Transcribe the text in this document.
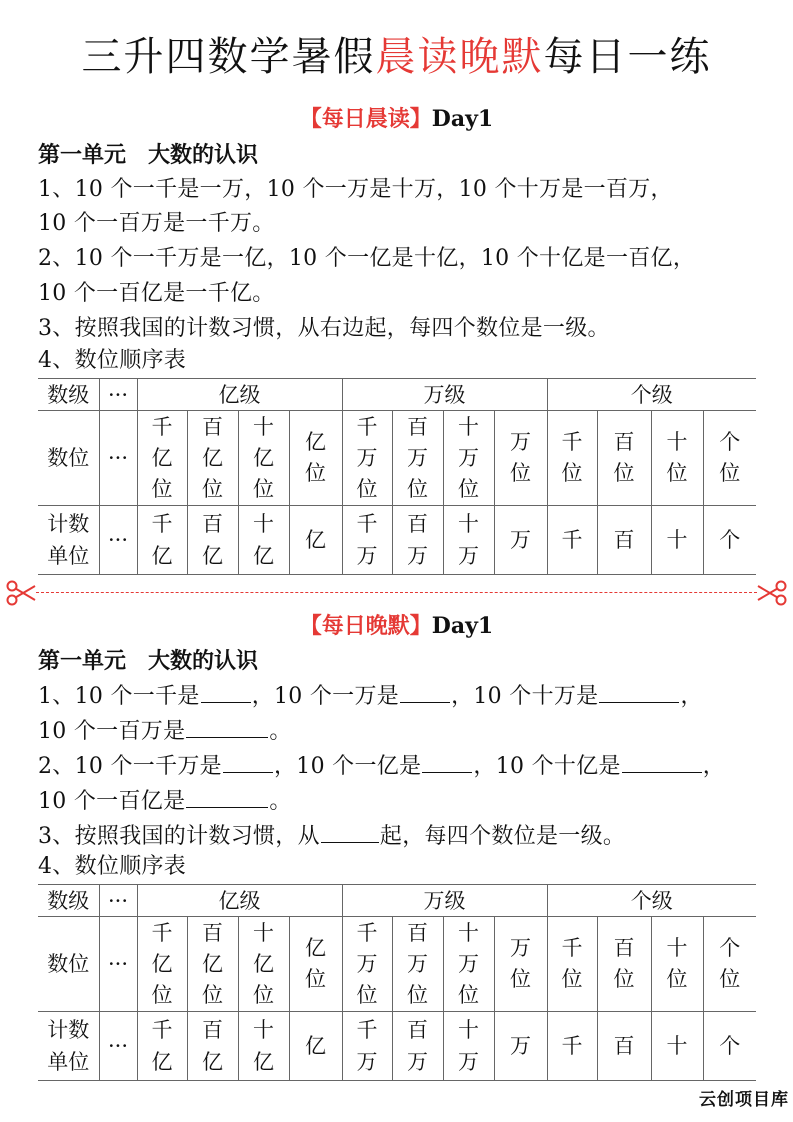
三升四数学暑假晨读晚默每日一练
【每日晨读】Day1
第一单元　大数的认识
1、10 个一千是一万，10 个一万是十万，10 个十万是一百万，
10 个一百万是一千万。
2、10 个一千万是一亿，10 个一亿是十亿，10 个十亿是一百亿，
10 个一百亿是一千亿。
3、按照我国的计数习惯，从右边起，每四个数位是一级。
4、数位顺序表
数级	···	亿级				万级				个级			
数位	···	千亿位	百亿位	十亿位	亿位	千万位	百万位	十万位	万位	千位	百位	十位	个位
计数单位	···	千亿	百亿	十亿	亿	千万	百万	十万	万	千	百	十	个
【每日晚默】Day1
第一单元　大数的认识
1、10 个一千是 ，10 个一万是 ，10 个十万是	，
10 个一百万是	。
2、10 个一千万是 ，10 个一亿是 ，10 个十亿是	，
10 个一百亿是	。
3、按照我国的计数习惯，从	起，每四个数位是一级。
4、数位顺序表
数级	···	亿级				万级				个级			
数位	···	千亿位	百亿位	十亿位	亿位	千万位	百万位	十万位	万位	千位	百位	十位	个位
计数单位	···	千亿	百亿	十亿	亿	千万	百万	十万	万	千	百	十	个
云创项目库
